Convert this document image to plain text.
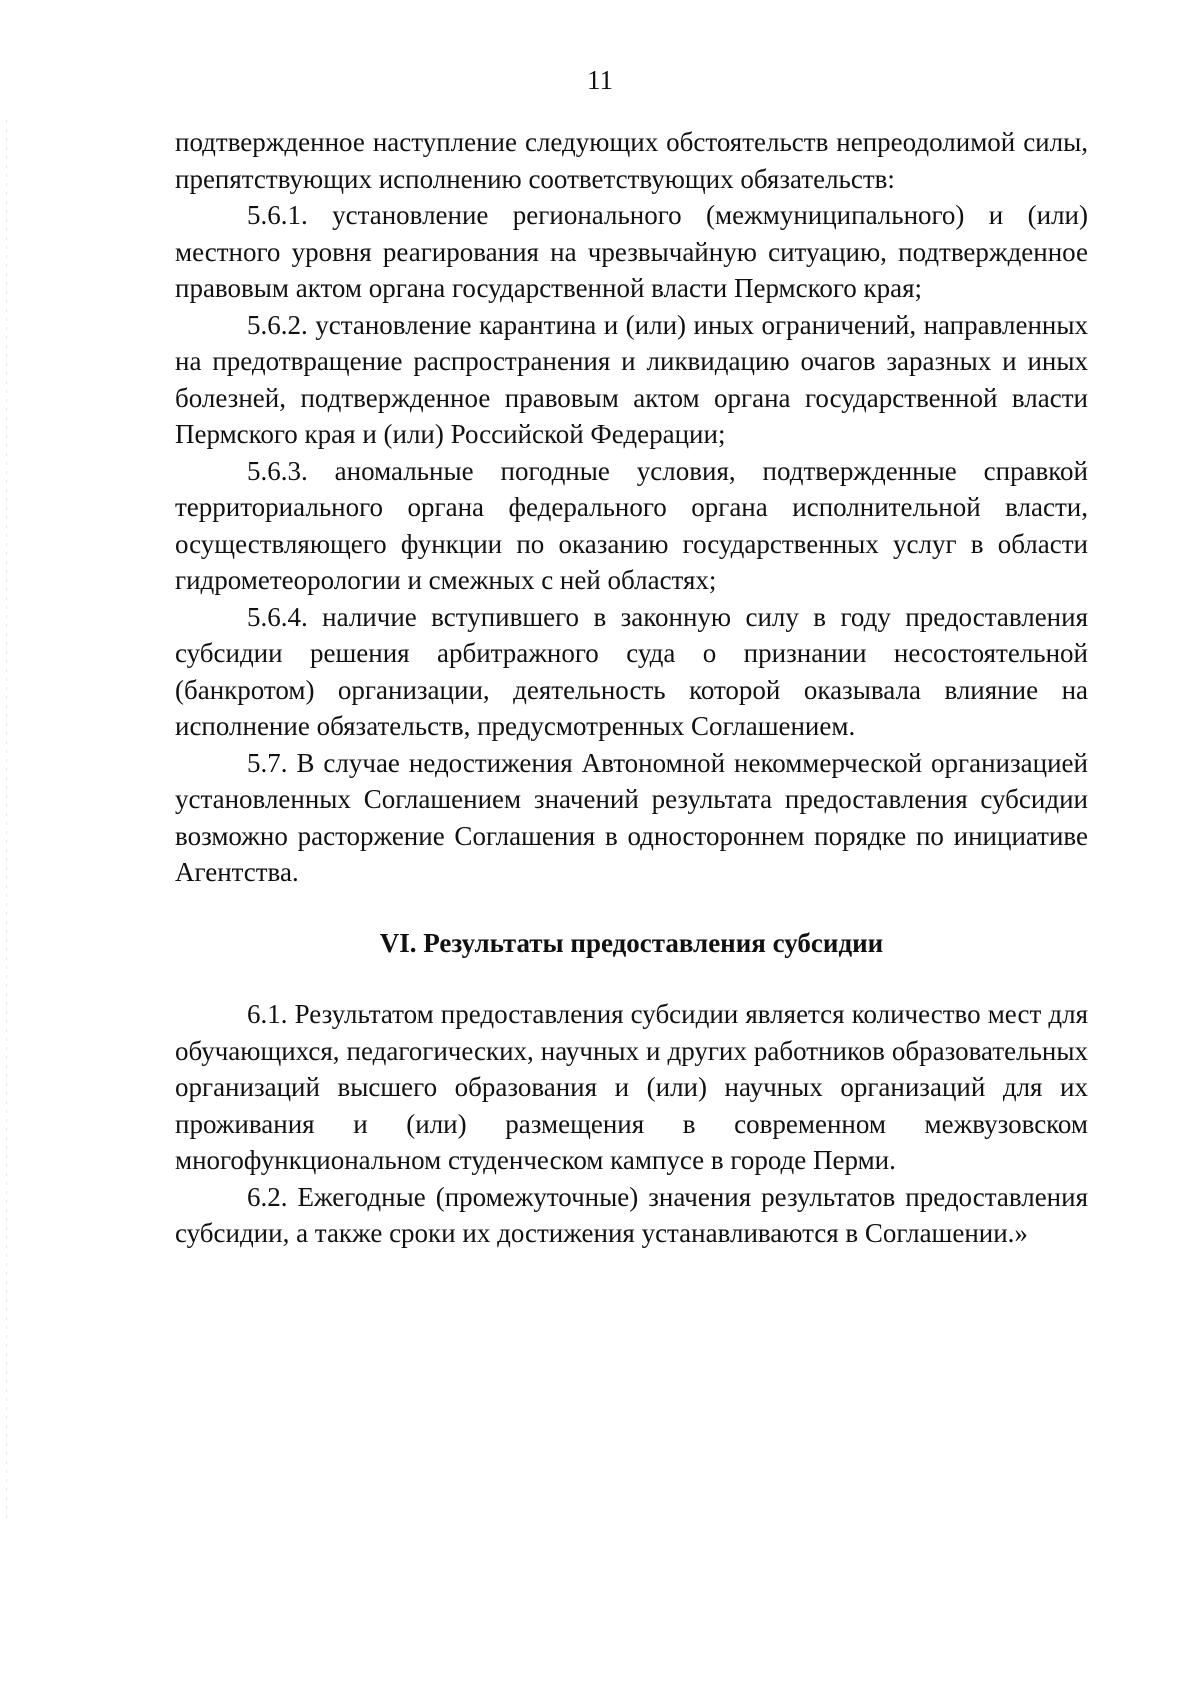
11

подтвержденное наступление следующих обстоятельств непреодолимой силы, препятствующих исполнению соответствующих обязательств:

5.6.1. установление регионального (межмуниципального) и (или) местного уровня реагирования на чрезвычайную ситуацию, подтвержденное правовым актом органа государственной власти Пермского края;

5.6.2. установление карантина и (или) иных ограничений, направленных на предотвращение распространения и ликвидацию очагов заразных и иных болезней, подтвержденное правовым актом органа государственной власти Пермского края и (или) Российской Федерации;

5.6.3. аномальные погодные условия, подтвержденные справкой территориального органа федерального органа исполнительной власти, осуществляющего функции по оказанию государственных услуг в области гидрометеорологии и смежных с ней областях;

5.6.4. наличие вступившего в законную силу в году предоставления субсидии решения арбитражного суда о признании несостоятельной (банкротом) организации, деятельность которой оказывала влияние на исполнение обязательств, предусмотренных Соглашением.

5.7. В случае недостижения Автономной некоммерческой организацией установленных Соглашением значений результата предоставления субсидии возможно расторжение Соглашения в одностороннем порядке по инициативе Агентства.

VI. Результаты предоставления субсидии

6.1. Результатом предоставления субсидии является количество мест для обучающихся, педагогических, научных и других работников образовательных организаций высшего образования и (или) научных организаций для их проживания и (или) размещения в современном межвузовском многофункциональном студенческом кампусе в городе Перми.

6.2. Ежегодные (промежуточные) значения результатов предоставления субсидии, а также сроки их достижения устанавливаются в Соглашении.»
